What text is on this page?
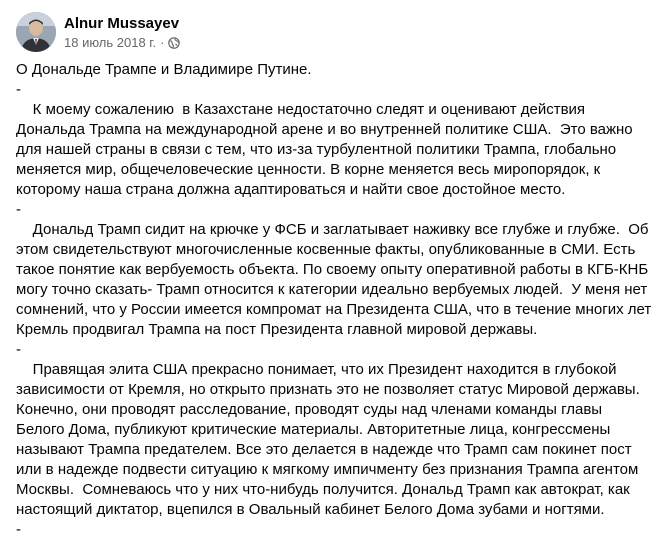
Alnur Mussayev
18 июль 2018 г. ·

О Дональде Трампе и Владимире Путине.

-

К моему сожалению  в Казахстане недостаточно следят и оценивают действия Дональда Трампа на международной арене и во внутренней политике США.  Это важно для нашей страны в связи с тем, что из-за турбулентной политики Трампа, глобально меняется мир, общечеловеческие ценности. В корне меняется весь миропорядок, к которому наша страна должна адаптироваться и найти свое достойное место.

-

Дональд Трамп сидит на крючке у ФСБ и заглатывает наживку все глубже и глубже.  Об этом свидетельствуют многочисленные косвенные факты, опубликованные в СМИ. Есть такое понятие как вербуемость объекта. По своему опыту оперативной работы в КГБ-КНБ могу точно сказать- Трамп относится к категории идеально вербуемых людей.  У меня нет сомнений, что у России имеется компромат на Президента США, что в течение многих лет Кремль продвигал Трампа на пост Президента главной мировой державы.

-

Правящая элита США прекрасно понимает, что их Президент находится в глубокой зависимости от Кремля, но открыто признать это не позволяет статус Мировой державы. Конечно, они проводят расследование, проводят суды над членами команды главы Белого Дома, публикуют критические материалы. Авторитетные лица, конгрессмены называют Трампа предателем. Все это делается в надежде что Трамп сам покинет пост или в надежде подвести ситуацию к мягкому импичменту без признания Трампа агентом Москвы.  Сомневаюсь что у них что-нибудь получится. Дональд Трамп как автократ, как настоящий диктатор, вцепился в Овальный кабинет Белого Дома зубами и ногтями.

-
